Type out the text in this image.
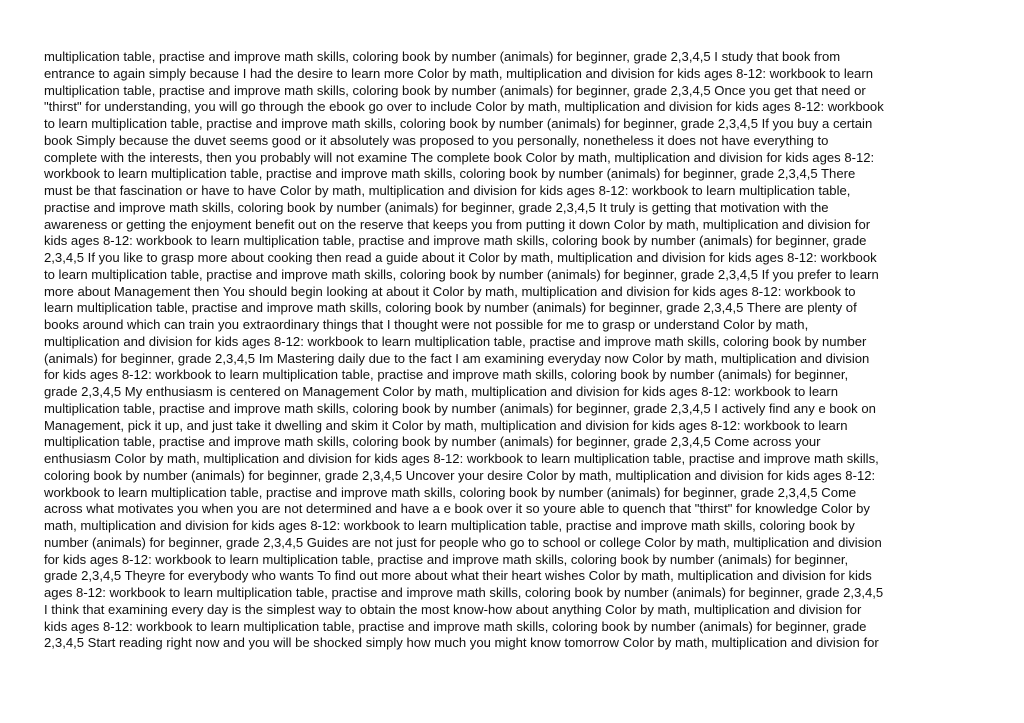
multiplication table, practise and improve math skills, coloring book by number (animals) for beginner, grade 2,3,4,5 I study that book from
entrance to again simply because I had the desire to learn more Color by math, multiplication and division for kids ages 8-12: workbook to learn
multiplication table, practise and improve math skills, coloring book by number (animals) for beginner, grade 2,3,4,5 Once you get that need or
"thirst" for understanding, you will go through the ebook go over to include Color by math, multiplication and division for kids ages 8-12: workbook
to learn multiplication table, practise and improve math skills, coloring book by number (animals) for beginner, grade 2,3,4,5 If you buy a certain
book Simply because the duvet seems good or it absolutely was proposed to you personally, nonetheless it does not have everything to
complete with the interests, then you probably will not examine The complete book Color by math, multiplication and division for kids ages 8-12:
workbook to learn multiplication table, practise and improve math skills, coloring book by number (animals) for beginner, grade 2,3,4,5 There
must be that fascination or have to have Color by math, multiplication and division for kids ages 8-12: workbook to learn multiplication table,
practise and improve math skills, coloring book by number (animals) for beginner, grade 2,3,4,5 It truly is getting that motivation with the
awareness or getting the enjoyment benefit out on the reserve that keeps you from putting it down Color by math, multiplication and division for
kids ages 8-12: workbook to learn multiplication table, practise and improve math skills, coloring book by number (animals) for beginner, grade
2,3,4,5 If you like to grasp more about cooking then read a guide about it Color by math, multiplication and division for kids ages 8-12: workbook
to learn multiplication table, practise and improve math skills, coloring book by number (animals) for beginner, grade 2,3,4,5 If you prefer to learn
more about Management then You should begin looking at about it Color by math, multiplication and division for kids ages 8-12: workbook to
learn multiplication table, practise and improve math skills, coloring book by number (animals) for beginner, grade 2,3,4,5 There are plenty of
books around which can train you extraordinary things that I thought were not possible for me to grasp or understand Color by math,
multiplication and division for kids ages 8-12: workbook to learn multiplication table, practise and improve math skills, coloring book by number
(animals) for beginner, grade 2,3,4,5 Im Mastering daily due to the fact I am examining everyday now Color by math, multiplication and division
for kids ages 8-12: workbook to learn multiplication table, practise and improve math skills, coloring book by number (animals) for beginner,
grade 2,3,4,5 My enthusiasm is centered on Management Color by math, multiplication and division for kids ages 8-12: workbook to learn
multiplication table, practise and improve math skills, coloring book by number (animals) for beginner, grade 2,3,4,5 I actively find any e book on
Management, pick it up, and just take it dwelling and skim it Color by math, multiplication and division for kids ages 8-12: workbook to learn
multiplication table, practise and improve math skills, coloring book by number (animals) for beginner, grade 2,3,4,5 Come across your
enthusiasm Color by math, multiplication and division for kids ages 8-12: workbook to learn multiplication table, practise and improve math skills,
coloring book by number (animals) for beginner, grade 2,3,4,5 Uncover your desire Color by math, multiplication and division for kids ages 8-12:
workbook to learn multiplication table, practise and improve math skills, coloring book by number (animals) for beginner, grade 2,3,4,5 Come
across what motivates you when you are not determined and have a e book over it so youre able to quench that "thirst" for knowledge Color by
math, multiplication and division for kids ages 8-12: workbook to learn multiplication table, practise and improve math skills, coloring book by
number (animals) for beginner, grade 2,3,4,5 Guides are not just for people who go to school or college Color by math, multiplication and division
for kids ages 8-12: workbook to learn multiplication table, practise and improve math skills, coloring book by number (animals) for beginner,
grade 2,3,4,5 Theyre for everybody who wants To find out more about what their heart wishes Color by math, multiplication and division for kids
ages 8-12: workbook to learn multiplication table, practise and improve math skills, coloring book by number (animals) for beginner, grade 2,3,4,5
I think that examining every day is the simplest way to obtain the most know-how about anything Color by math, multiplication and division for
kids ages 8-12: workbook to learn multiplication table, practise and improve math skills, coloring book by number (animals) for beginner, grade
2,3,4,5 Start reading right now and you will be shocked simply how much you might know tomorrow Color by math, multiplication and division for
